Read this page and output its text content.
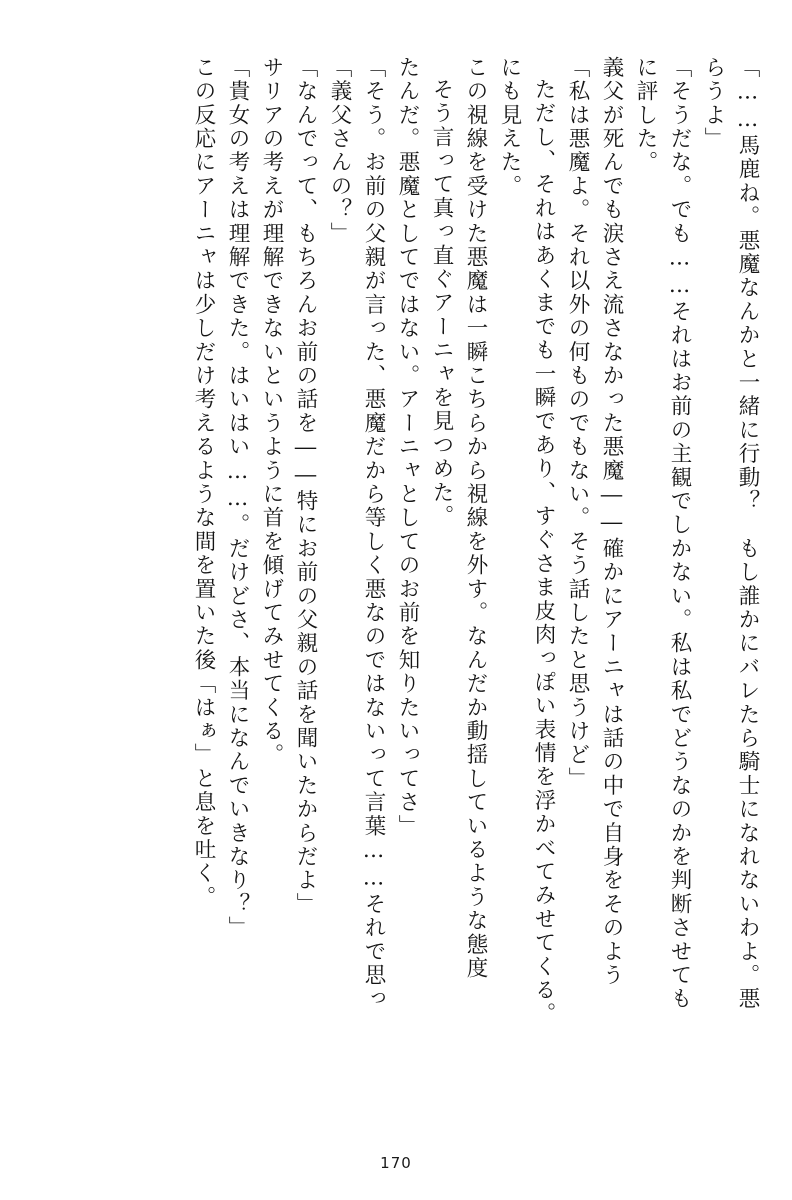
この反応にアーニャは少しだけ考えるような間を置いた後「はぁ」と息を吐く。 「貴女の考えは理解できた。はいはい……。だけどさ、本当になんでいきなり？」 サリアの考えが理解できないというように首を傾げてみせてくる。 「なんでって、もちろんお前の話を――特にお前の父親の話を聞いたからだよ」 「義父さんの？」 「そう。お前の父親が言った、悪魔だから等しく悪なのではないって言葉……それで思っ たんだ。悪魔としてではない。アーニャとしてのお前を知りたいってさ」 そう言って真っ直ぐアーニャを見つめた。 この視線を受けた悪魔は一瞬こちらから視線を外す。なんだか動揺しているような態度 にも見えた。 ただし、それはあくまでも一瞬であり、すぐさま皮肉っぽい表情を浮かべてみせてくる。 「私は悪魔よ。それ以外の何ものでもない。そう話したと思うけど」 義父が死んでも涙さえ流さなかった悪魔――確かにアーニャは話の中で自身をそのよう に評した。 「そうだな。でも……それはお前の主観でしかない。私は私でどうなのかを判断させても らうよ」 「……馬鹿ね。悪魔なんかと一緒に行動？　もし誰かにバレたら騎士になれないわよ。悪
170
